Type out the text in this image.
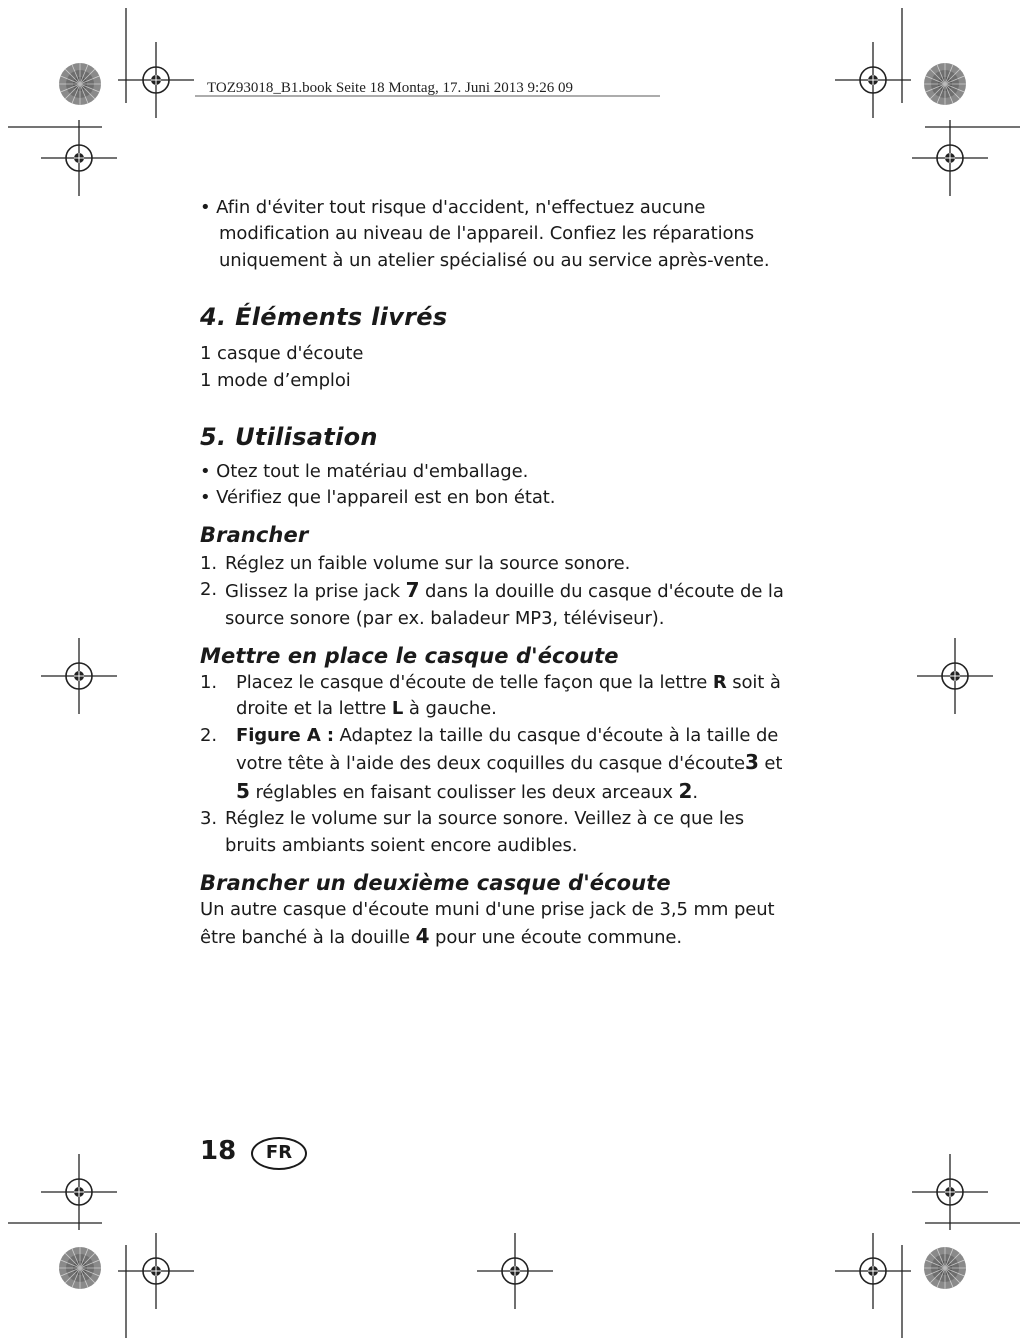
TOZ93018_B1.book Seite 18 Montag, 17. Juni 2013 9:26 09

• Afin d'éviter tout risque d'accident, n'effectuez aucune modification au niveau de l'appareil. Confiez les réparations uniquement à un atelier spécialisé ou au service après-vente.

4. Éléments livrés

1 casque d'écoute

1 mode d’emploi

5. Utilisation

• Otez tout le matériau d'emballage.

• Vérifiez que l'appareil est en bon état.

Brancher

1. Réglez un faible volume sur la source sonore.

2. Glissez la prise jack 7 dans la douille du casque d'écoute de la source sonore (par ex. baladeur MP3, téléviseur).

Mettre en place le casque d'écoute

1.	Placez le casque d'écoute de telle façon que la lettre R soit à droite et la lettre L à gauche.

2.	Figure A : Adaptez la taille du casque d'écoute à la taille de votre tête à l'aide des deux coquilles du casque d'écoute3 et 5 réglables en faisant coulisser les deux arceaux 2.

3. Réglez le volume sur la source sonore. Veillez à ce que les bruits ambiants soient encore audibles.

Brancher un deuxième casque d'écoute

Un autre casque d'écoute muni d'une prise jack de 3,5 mm peut être banché à la douille 4 pour une écoute commune.

18	FR
